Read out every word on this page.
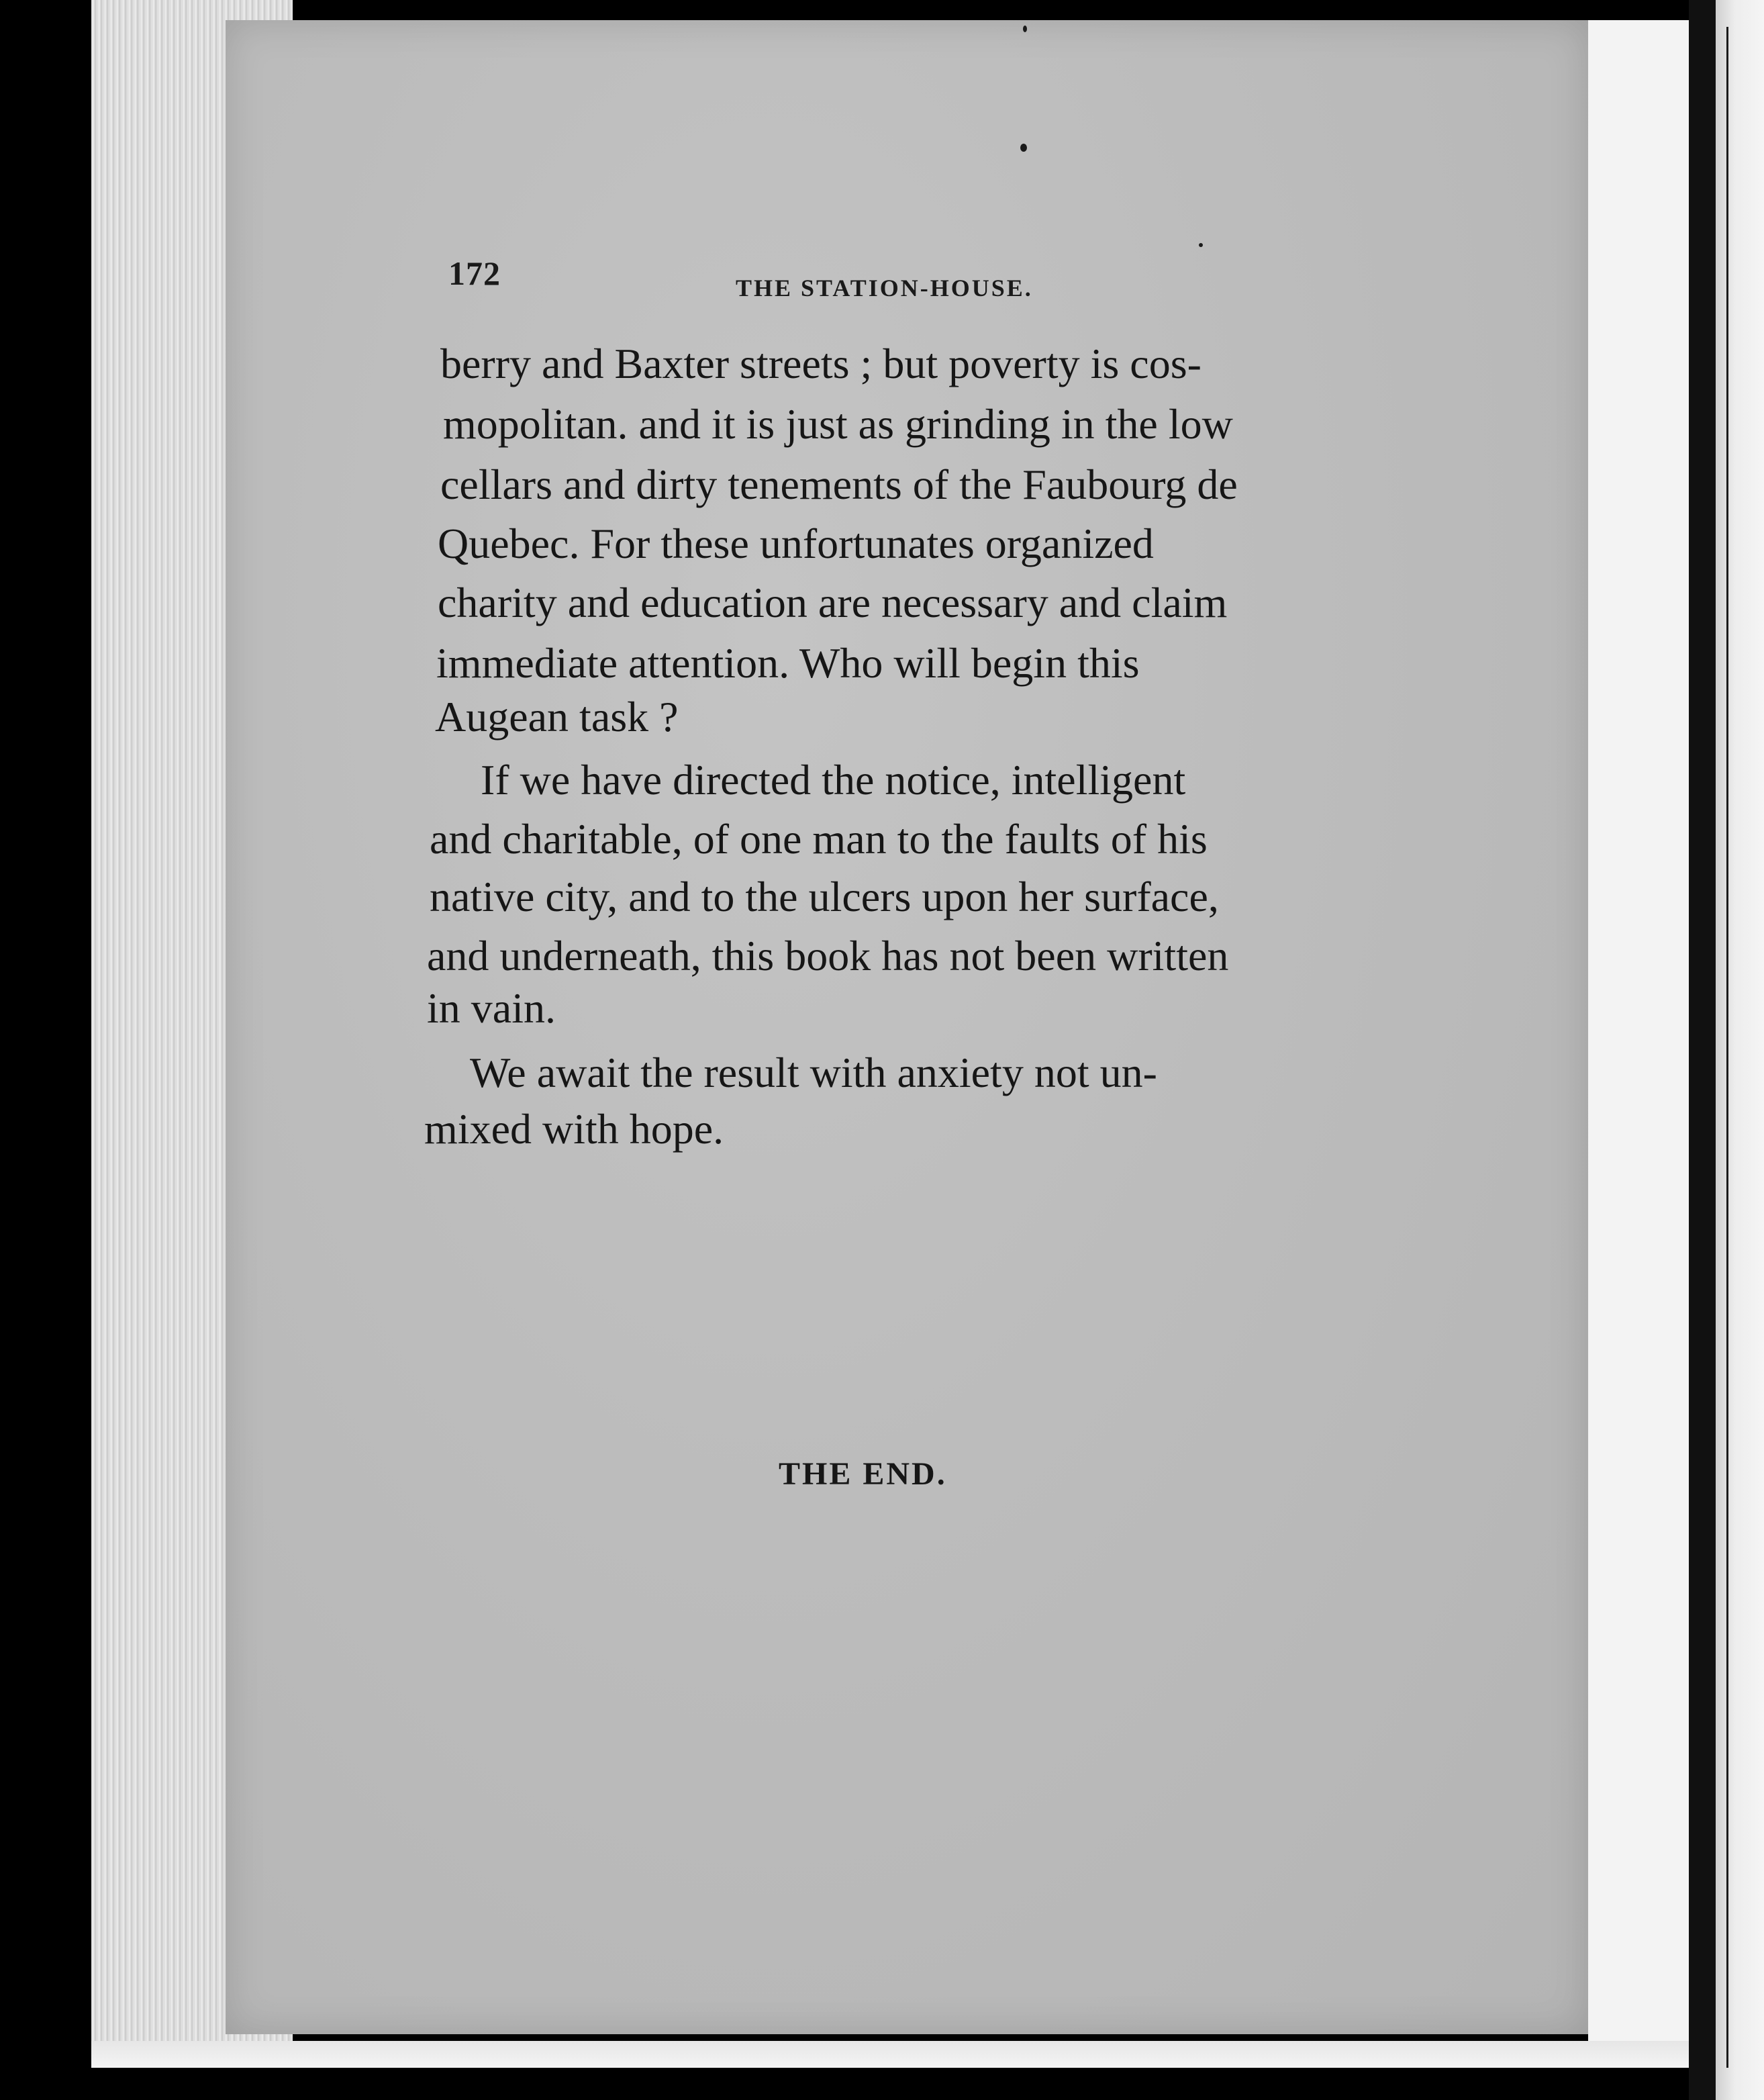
172	THE STATION-HOUSE.
berry and Baxter streets ; but poverty is cos-
mopolitan. and it is just as grinding in the low
cellars and dirty tenements of the Faubourg de
Quebec. For these unfortunates organized
charity and education are necessary and claim
immediate attention. Who will begin this
Augean task ?
If we have directed the notice, intelligent
and charitable, of one man to the faults of his
native city, and to the ulcers upon her surface,
and underneath, this book has not been written
in vain.
We await the result with anxiety not un-
mixed with hope.
THE END.
